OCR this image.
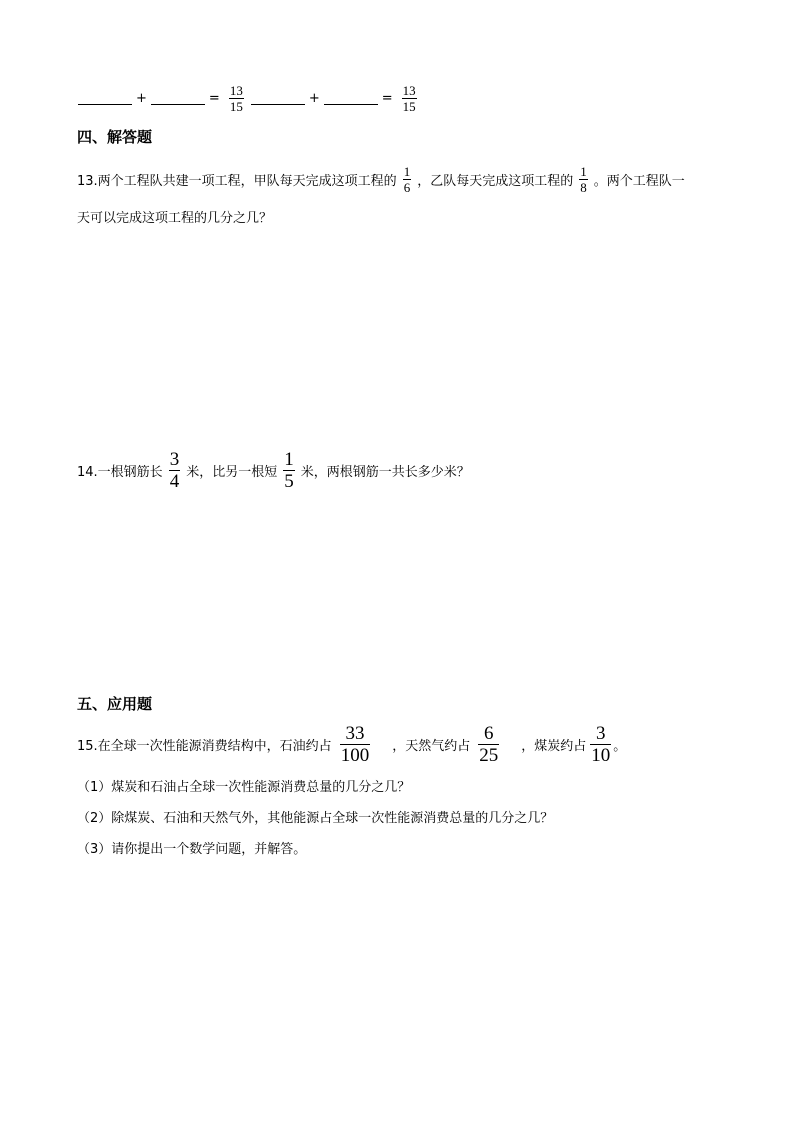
+	= $\frac{13}{15}$	+	= $\frac{13}{15}$
四、解答题
13.两个工程队共建一项工程，甲队每天完成这项工程的 $\frac{1}{6}$ ，乙队每天完成这项工程的 $\frac{1}{8}$ 。两个工程队一
天可以完成这项工程的几分之几？
14.一根钢筋长 $\frac{3}{4}$ 米，比另一根短 $\frac{1}{5}$ 米，两根钢筋一共长多少米？
五、应用题
15.在全球一次性能源消费结构中，石油约占 $\frac{33}{100}$ ，天然气约占 $\frac{6}{25}$ ，煤炭约占 $\frac{3}{10}$ 。
（1）煤炭和石油占全球一次性能源消费总量的几分之几？
（2）除煤炭、石油和天然气外，其他能源占全球一次性能源消费总量的几分之几？
（3）请你提出一个数学问题，并解答。
